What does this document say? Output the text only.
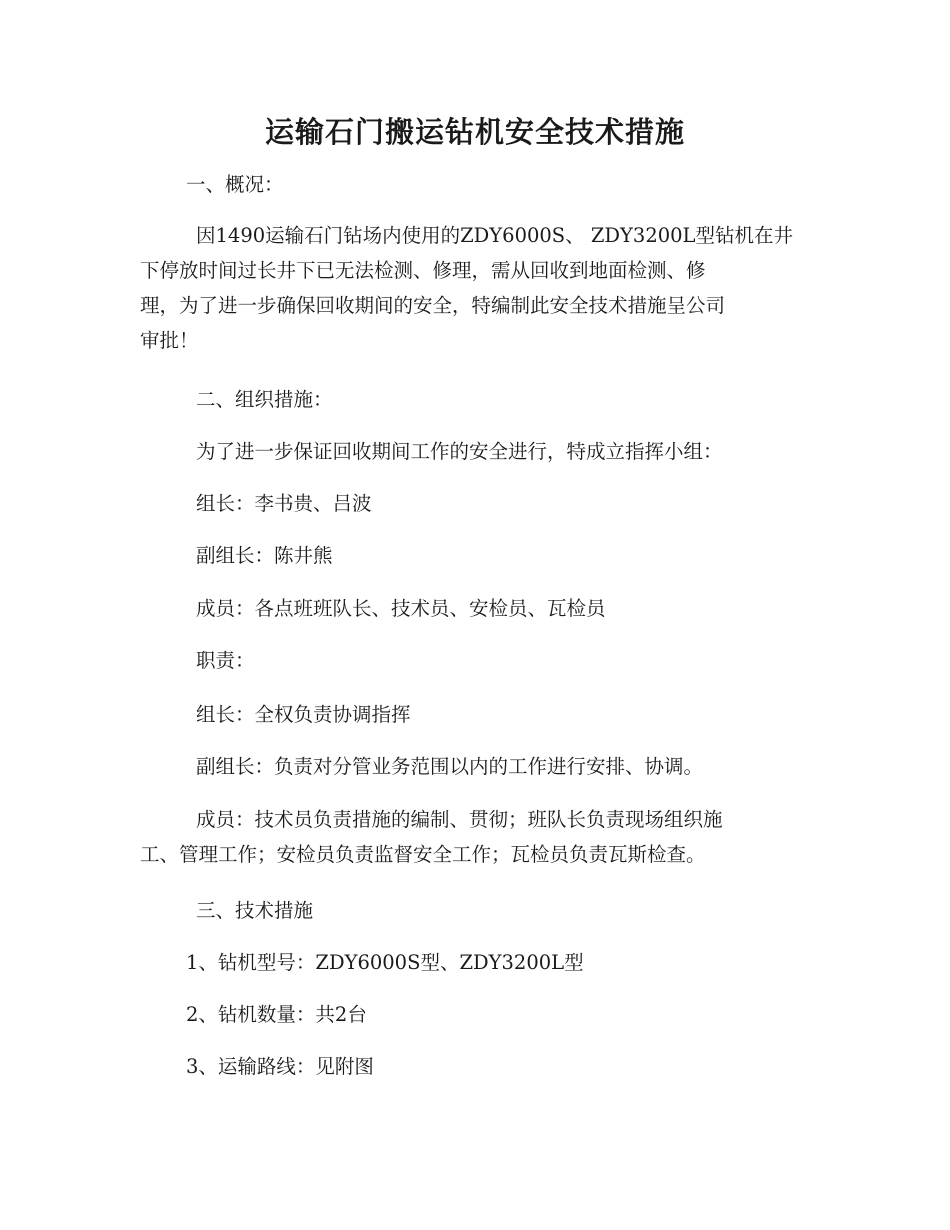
运输石门搬运钻机安全技术措施
一、概况：
因1490运输石门钻场内使用的ZDY6000S、 ZDY3200L型钻机在井
下停放时间过长井下已无法检测、修理，需从回收到地面检测、修
理，为了进一步确保回收期间的安全，特编制此安全技术措施呈公司
审批！
二、组织措施：
为了进一步保证回收期间工作的安全进行，特成立指挥小组：
组长：李书贵、吕波
副组长：陈井熊
成员：各点班班队长、技术员、安检员、瓦检员
职责：
组长：全权负责协调指挥
副组长：负责对分管业务范围以内的工作进行安排、协调。
成员：技术员负责措施的编制、贯彻；班队长负责现场组织施
工、管理工作；安检员负责监督安全工作；瓦检员负责瓦斯检查。
三、技术措施
1、钻机型号：ZDY6000S型、ZDY3200L型
2、钻机数量：共2台
3、运输路线：见附图
